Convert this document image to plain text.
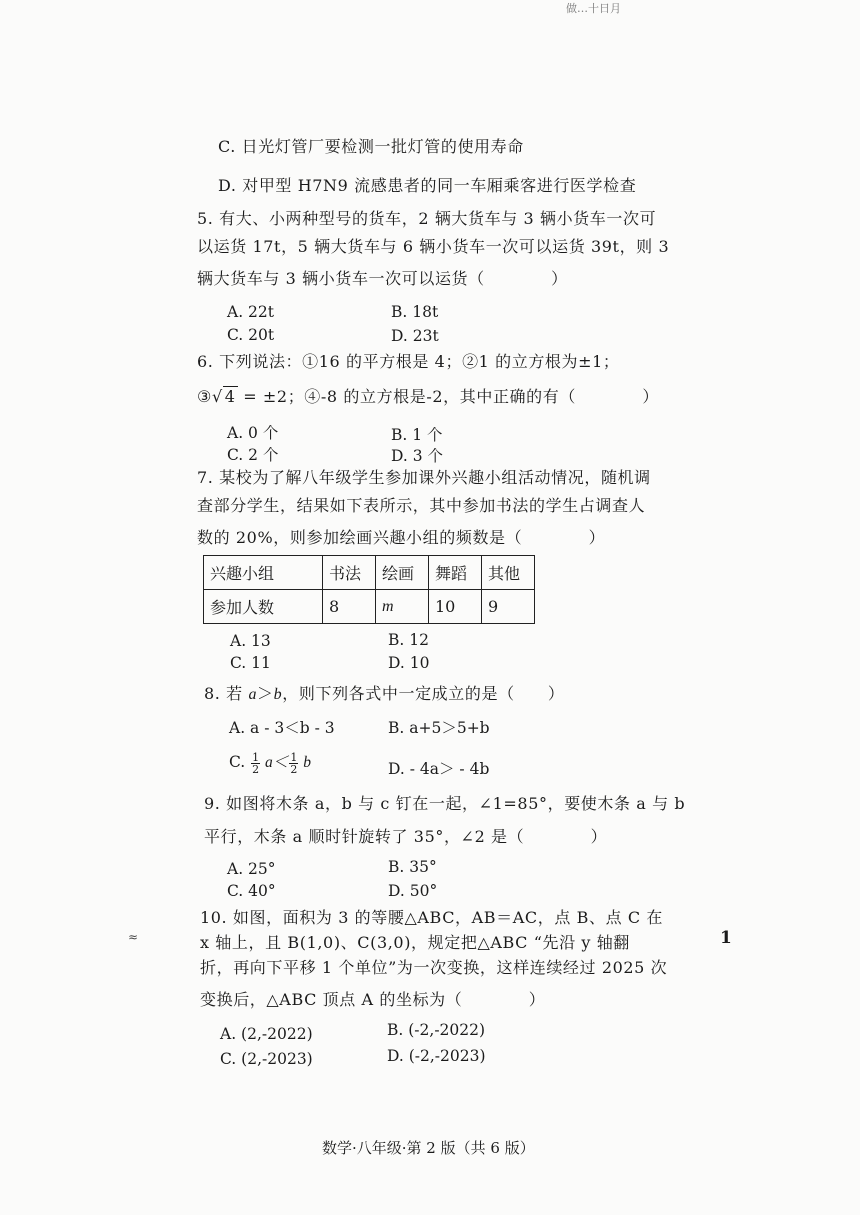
做…十日月
C. 日光灯管厂要检测一批灯管的使用寿命
D. 对甲型 H7N9 流感患者的同一车厢乘客进行医学检查
5. 有大、小两种型号的货车，2 辆大货车与 3 辆小货车一次可
以运货 17t，5 辆大货车与 6 辆小货车一次可以运货 39t，则 3
辆大货车与 3 辆小货车一次可以运货（　　　　）
A. 22t	B. 18t
C. 20t	D. 23t
6. 下列说法：①16 的平方根是 4；②1 的立方根为±1；
③√ 4 = ±2；④-8 的立方根是-2，其中正确的有（　　　　）
A. 0 个	B. 1 个
C. 2 个	D. 3 个
7. 某校为了解八年级学生参加课外兴趣小组活动情况，随机调
查部分学生，结果如下表所示，其中参加书法的学生占调查人
数的 20%，则参加绘画兴趣小组的频数是（　　　　）
兴趣小组	书法	绘画	舞蹈	其他
参加人数	8	m	10	9
A. 13	B. 12
C. 11	D. 10
8. 若 a＞b，则下列各式中一定成立的是（　　）
A. a - 3＜b - 3	B. a+5＞5+b
C. $\frac{1}{2} a< \frac{1}{2}$ b	D. - 4a＞ - 4b
9. 如图将木条 a，b 与 c 钉在一起，∠1=85°，要使木条 a 与 b
平行，木条 a 顺时针旋转了 35°，∠2 是（　　　　）
A. 25°	B. 35°
C. 40°	D. 50°
10. 如图，面积为 3 的等腰△ABC，AB＝AC，点 B、点 C 在
x 轴上，且 B(1,0)、C(3,0)，规定把△ABC “先沿 y 轴翻
折，再向下平移 1 个单位”为一次变换，这样连续经过 2025 次
变换后，△ABC 顶点 A 的坐标为（　　　　）
A. (2,-2022)	B. (-2,-2022)
C. (2,-2023)	D. (-2,-2023)
≈	1
数学·八年级·第 2 版（共 6 版）
